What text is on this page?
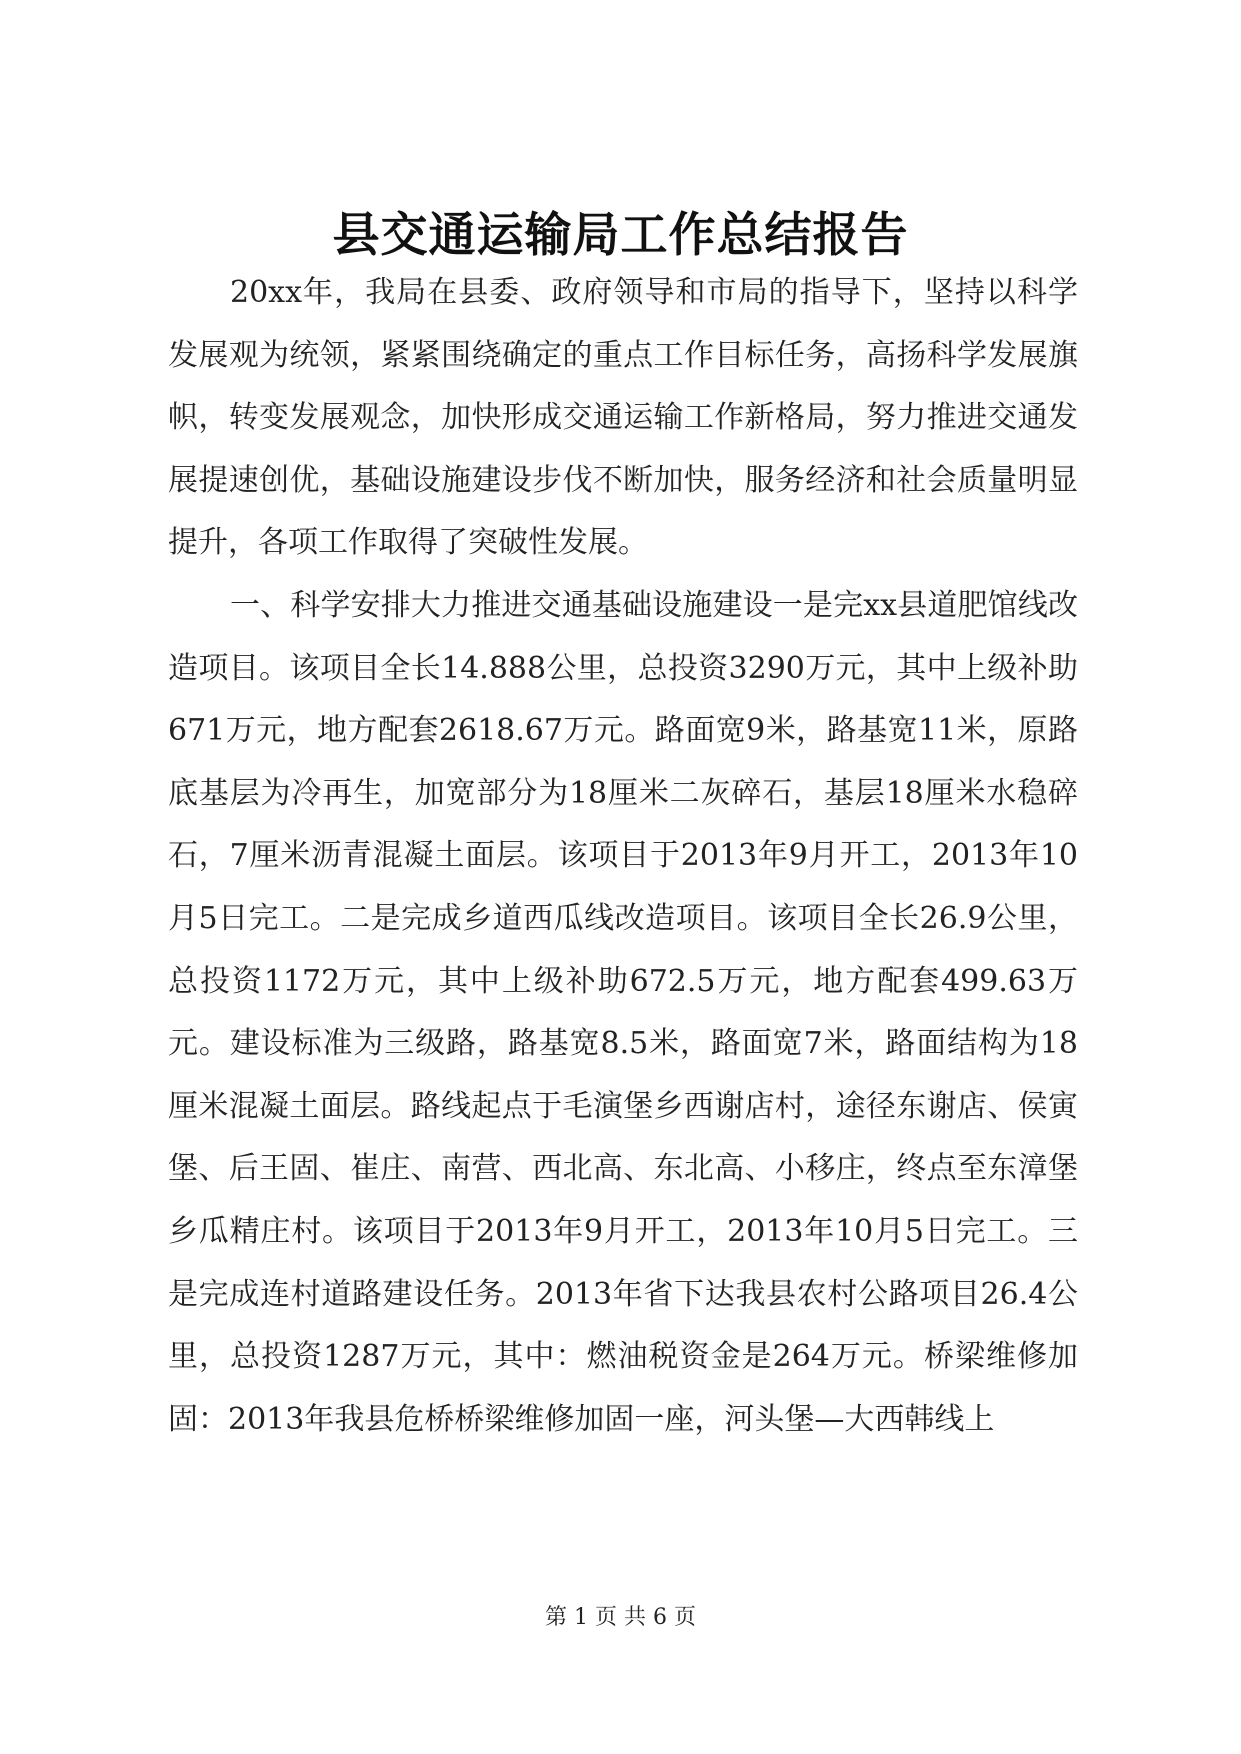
县交通运输局工作总结报告

20xx年，我局在县委、政府领导和市局的指导下，坚持以科学发展观为统领，紧紧围绕确定的重点工作目标任务，高扬科学发展旗帜，转变发展观念，加快形成交通运输工作新格局，努力推进交通发展提速创优，基础设施建设步伐不断加快，服务经济和社会质量明显提升，各项工作取得了突破性发展。

一、科学安排大力推进交通基础设施建设一是完xx县道肥馆线改造项目。该项目全长14.888公里，总投资3290万元，其中上级补助671万元，地方配套2618.67万元。路面宽9米，路基宽11米，原路底基层为冷再生，加宽部分为18厘米二灰碎石，基层18厘米水稳碎石，7厘米沥青混凝土面层。该项目于2013年9月开工，2013年10月5日完工。二是完成乡道西瓜线改造项目。该项目全长26.9公里，总投资1172万元，其中上级补助672.5万元，地方配套499.63万元。建设标准为三级路，路基宽8.5米，路面宽7米，路面结构为18厘米混凝土面层。路线起点于毛演堡乡西谢店村，途径东谢店、侯寅堡、后王固、崔庄、南营、西北高、东北高、小移庄，终点至东漳堡乡瓜精庄村。该项目于2013年9月开工，2013年10月5日完工。三是完成连村道路建设任务。2013年省下达我县农村公路项目26.4公里，总投资1287万元，其中：燃油税资金是264万元。桥梁维修加固：2013年我县危桥桥梁维修加固一座，河头堡—大西韩线上

第 1 页 共 6 页
